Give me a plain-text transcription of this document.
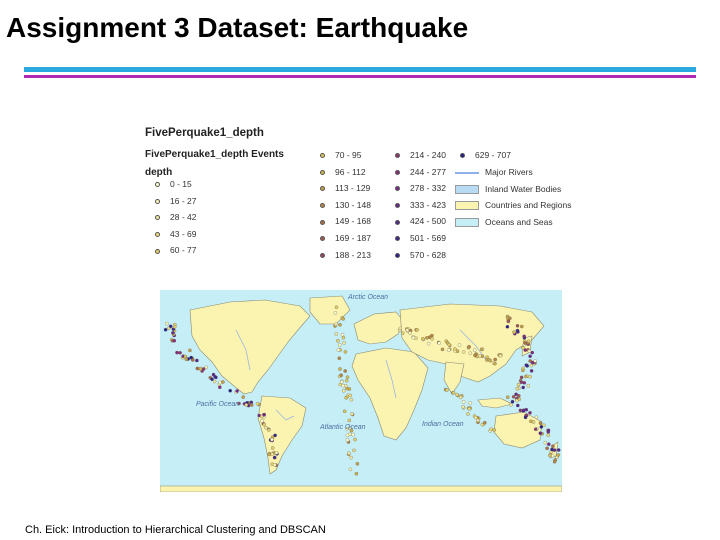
Assignment 3 Dataset: Earthquake
FivePerquake1_depth
FivePerquake1_depth Events
depth
0 - 15
16 - 27
28 - 42
43 - 69
60 - 77
70 - 95
96 - 112
113 - 129
130 - 148
149 - 168
169 - 187
188 - 213
214 - 240
244 - 277
278 - 332
333 - 423
424 - 500
501 - 569
570 - 628
629 - 707
Major Rivers
Inland Water Bodies
Countries and Regions
Oceans and Seas
Arctic Ocean
Pacific Ocean
Atlantic Ocean	Indian Ocean
Ch. Eick: Introduction to Hierarchical Clustering and DBSCAN
